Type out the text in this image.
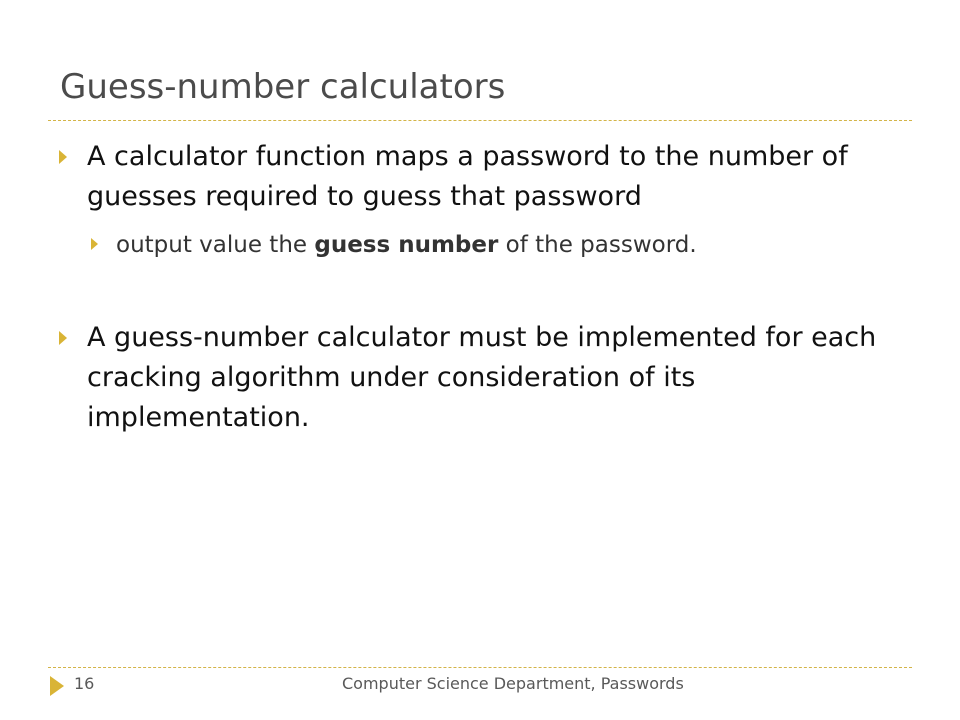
Guess-number calculators
A calculator function maps a password to the number of guesses required to guess that password
output value the guess number of the password.
A guess-number calculator must be implemented for each cracking algorithm under consideration of its implementation.
16	Computer Science Department, Passwords
